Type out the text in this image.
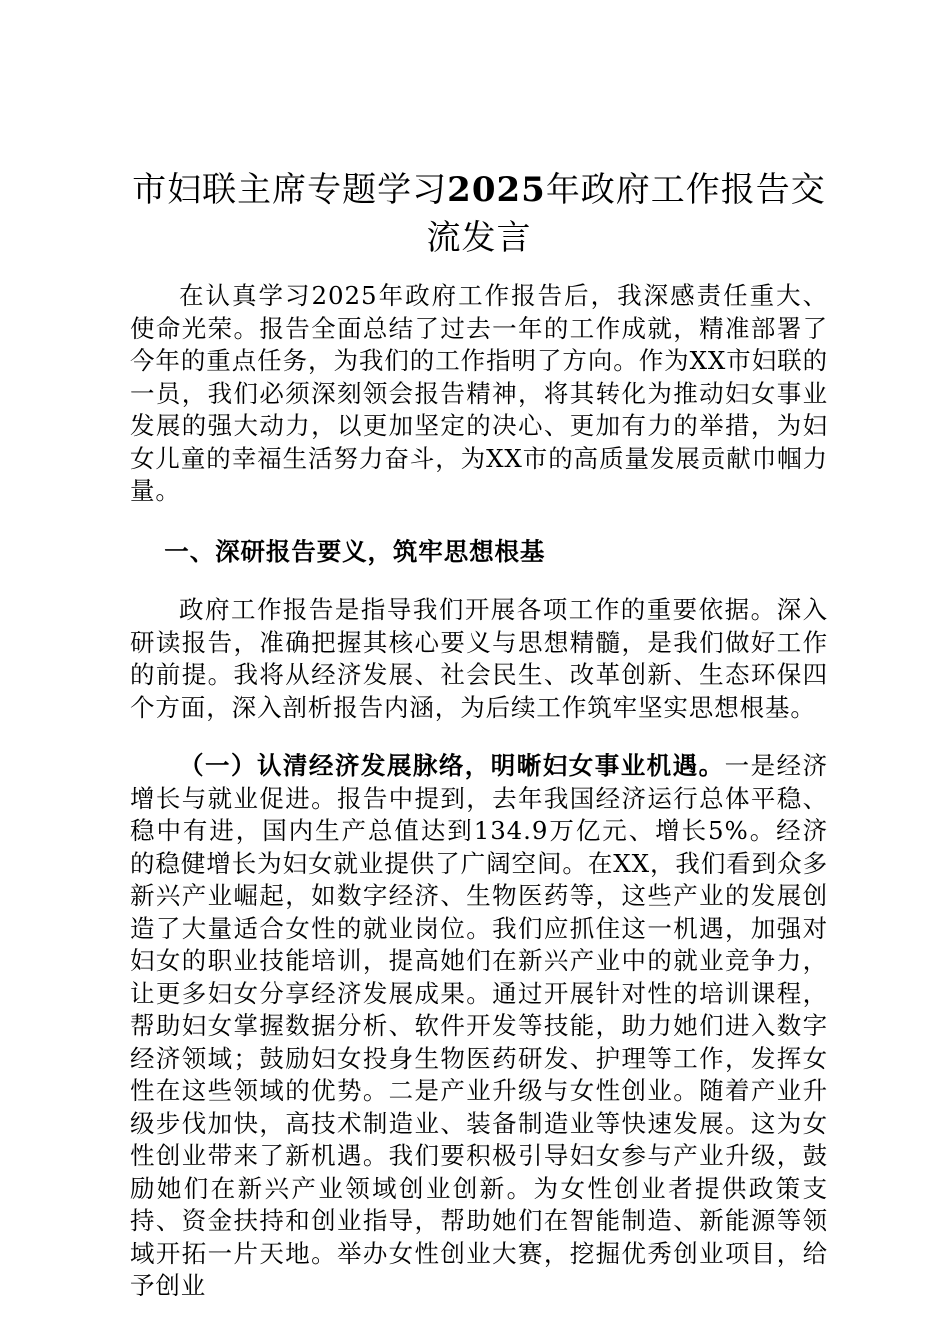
市妇联主席专题学习2025年政府工作报告交流发言

在认真学习2025年政府工作报告后，我深感责任重大、使命光荣。报告全面总结了过去一年的工作成就，精准部署了今年的重点任务，为我们的工作指明了方向。作为XX市妇联的一员，我们必须深刻领会报告精神，将其转化为推动妇女事业发展的强大动力，以更加坚定的决心、更加有力的举措，为妇女儿童的幸福生活努力奋斗，为XX市的高质量发展贡献巾帼力量。

一、深研报告要义，筑牢思想根基

政府工作报告是指导我们开展各项工作的重要依据。深入研读报告，准确把握其核心要义与思想精髓，是我们做好工作的前提。我将从经济发展、社会民生、改革创新、生态环保四个方面，深入剖析报告内涵，为后续工作筑牢坚实思想根基。

（一）认清经济发展脉络，明晰妇女事业机遇。一是经济增长与就业促进。报告中提到，去年我国经济运行总体平稳、稳中有进，国内生产总值达到134.9万亿元、增长5%。经济的稳健增长为妇女就业提供了广阔空间。在XX，我们看到众多新兴产业崛起，如数字经济、生物医药等，这些产业的发展创造了大量适合女性的就业岗位。我们应抓住这一机遇，加强对妇女的职业技能培训，提高她们在新兴产业中的就业竞争力，让更多妇女分享经济发展成果。通过开展针对性的培训课程，帮助妇女掌握数据分析、软件开发等技能，助力她们进入数字经济领域；鼓励妇女投身生物医药研发、护理等工作，发挥女性在这些领域的优势。二是产业升级与女性创业。随着产业升级步伐加快，高技术制造业、装备制造业等快速发展。这为女性创业带来了新机遇。我们要积极引导妇女参与产业升级，鼓励她们在新兴产业领域创业创新。为女性创业者提供政策支持、资金扶持和创业指导，帮助她们在智能制造、新能源等领域开拓一片天地。举办女性创业大赛，挖掘优秀创业项目，给予创业
